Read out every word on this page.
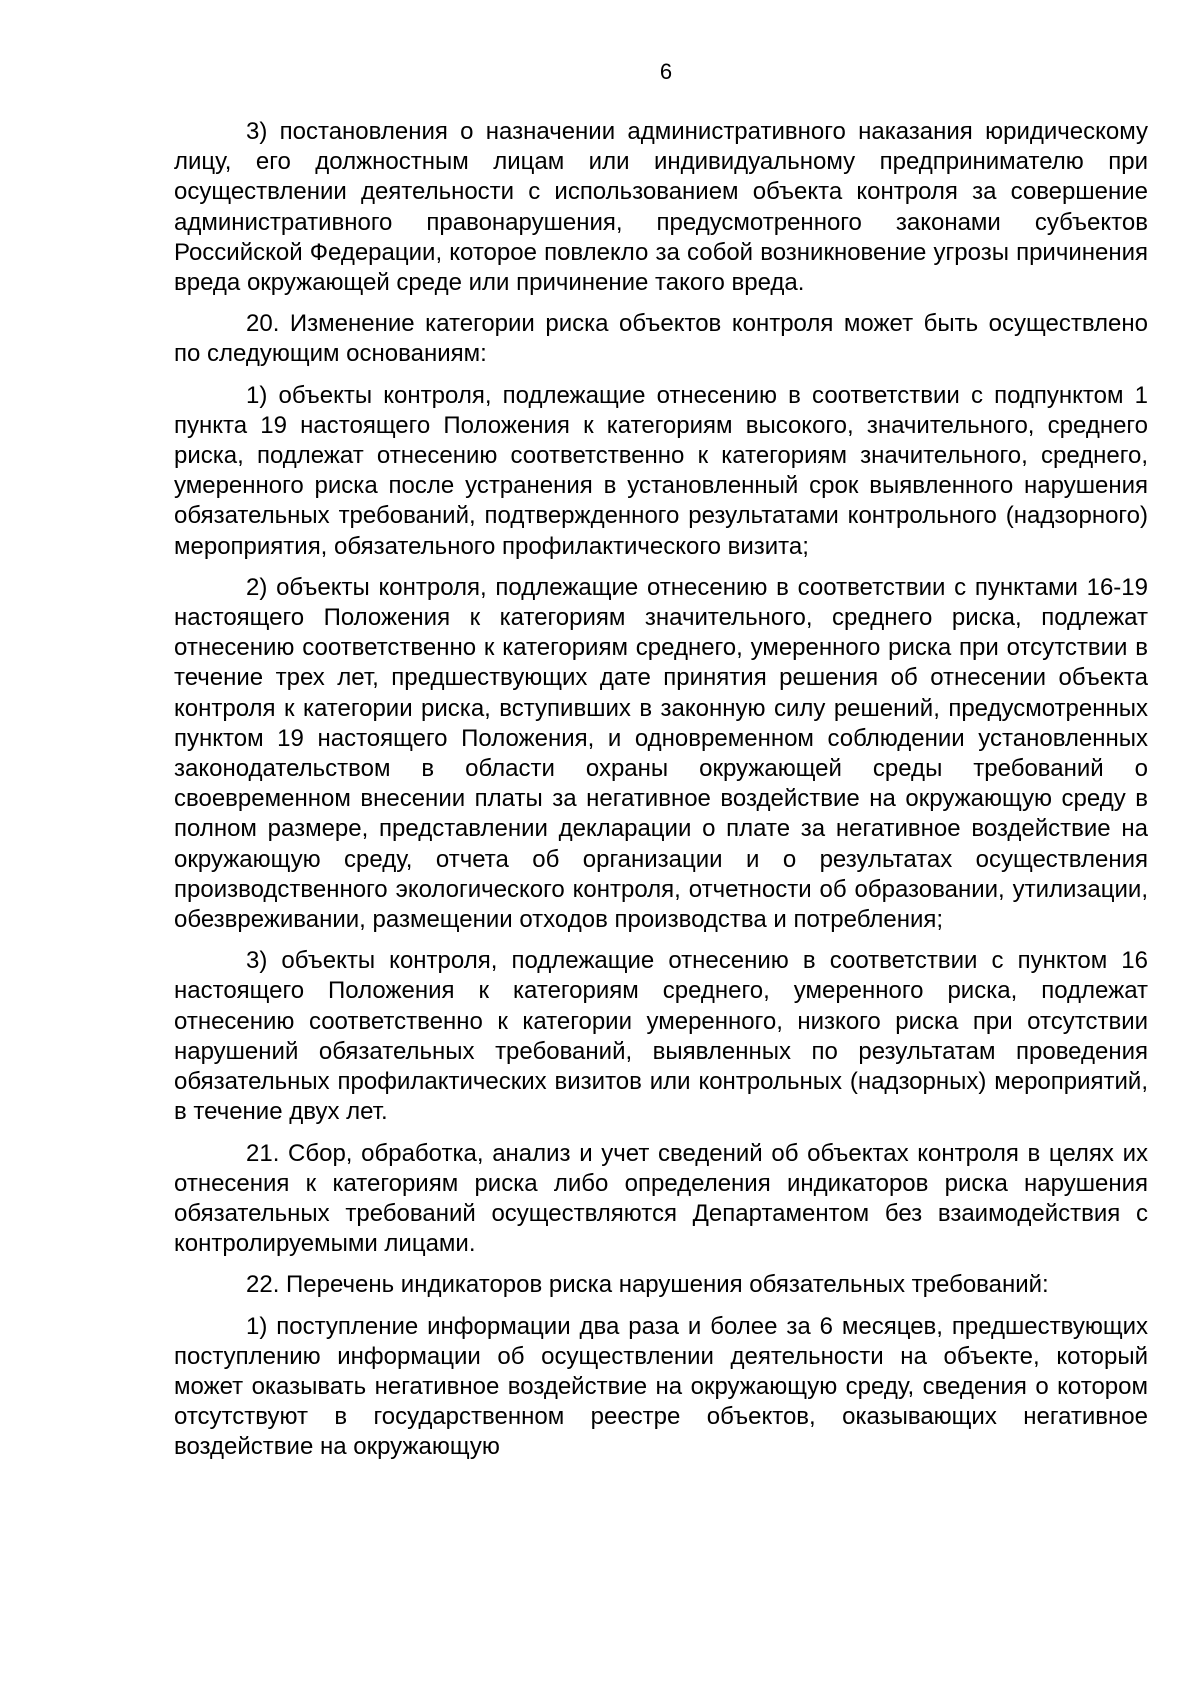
6

3) постановления о назначении административного наказания юридическому лицу, его должностным лицам или индивидуальному предпринимателю при осуществлении деятельности с использованием объекта контроля за совершение административного правонарушения, предусмотренного законами субъектов Российской Федерации, которое повлекло за собой возникновение угрозы причинения вреда окружающей среде или причинение такого вреда.

20. Изменение категории риска объектов контроля может быть осуществлено по следующим основаниям:

1) объекты контроля, подлежащие отнесению в соответствии с подпунктом 1 пункта 19 настоящего Положения к категориям высокого, значительного, среднего риска, подлежат отнесению соответственно к категориям значительного, среднего, умеренного риска после устранения в установленный срок выявленного нарушения обязательных требований, подтвержденного результатами контрольного (надзорного) мероприятия, обязательного профилактического визита;

2) объекты контроля, подлежащие отнесению в соответствии с пунктами 16-19 настоящего Положения к категориям значительного, среднего риска, подлежат отнесению соответственно к категориям среднего, умеренного риска при отсутствии в течение трех лет, предшествующих дате принятия решения об отнесении объекта контроля к категории риска, вступивших в законную силу решений, предусмотренных пунктом 19 настоящего Положения, и одновременном соблюдении установленных законодательством в области охраны окружающей среды требований о своевременном внесении платы за негативное воздействие на окружающую среду в полном размере, представлении декларации о плате за негативное воздействие на окружающую среду, отчета об организации и о результатах осуществления производственного экологического контроля, отчетности об образовании, утилизации, обезвреживании, размещении отходов производства и потребления;

3) объекты контроля, подлежащие отнесению в соответствии с пунктом 16 настоящего Положения к категориям среднего, умеренного риска, подлежат отнесению соответственно к категории умеренного, низкого риска при отсутствии нарушений обязательных требований, выявленных по результатам проведения обязательных профилактических визитов или контрольных (надзорных) мероприятий, в течение двух лет.

21. Сбор, обработка, анализ и учет сведений об объектах контроля в целях их отнесения к категориям риска либо определения индикаторов риска нарушения обязательных требований осуществляются Департаментом без взаимодействия с контролируемыми лицами.

22. Перечень индикаторов риска нарушения обязательных требований:

1) поступление информации два раза и более за 6 месяцев, предшествующих поступлению информации об осуществлении деятельности на объекте, который может оказывать негативное воздействие на окружающую среду, сведения о котором отсутствуют в государственном реестре объектов, оказывающих негативное воздействие на окружающую
